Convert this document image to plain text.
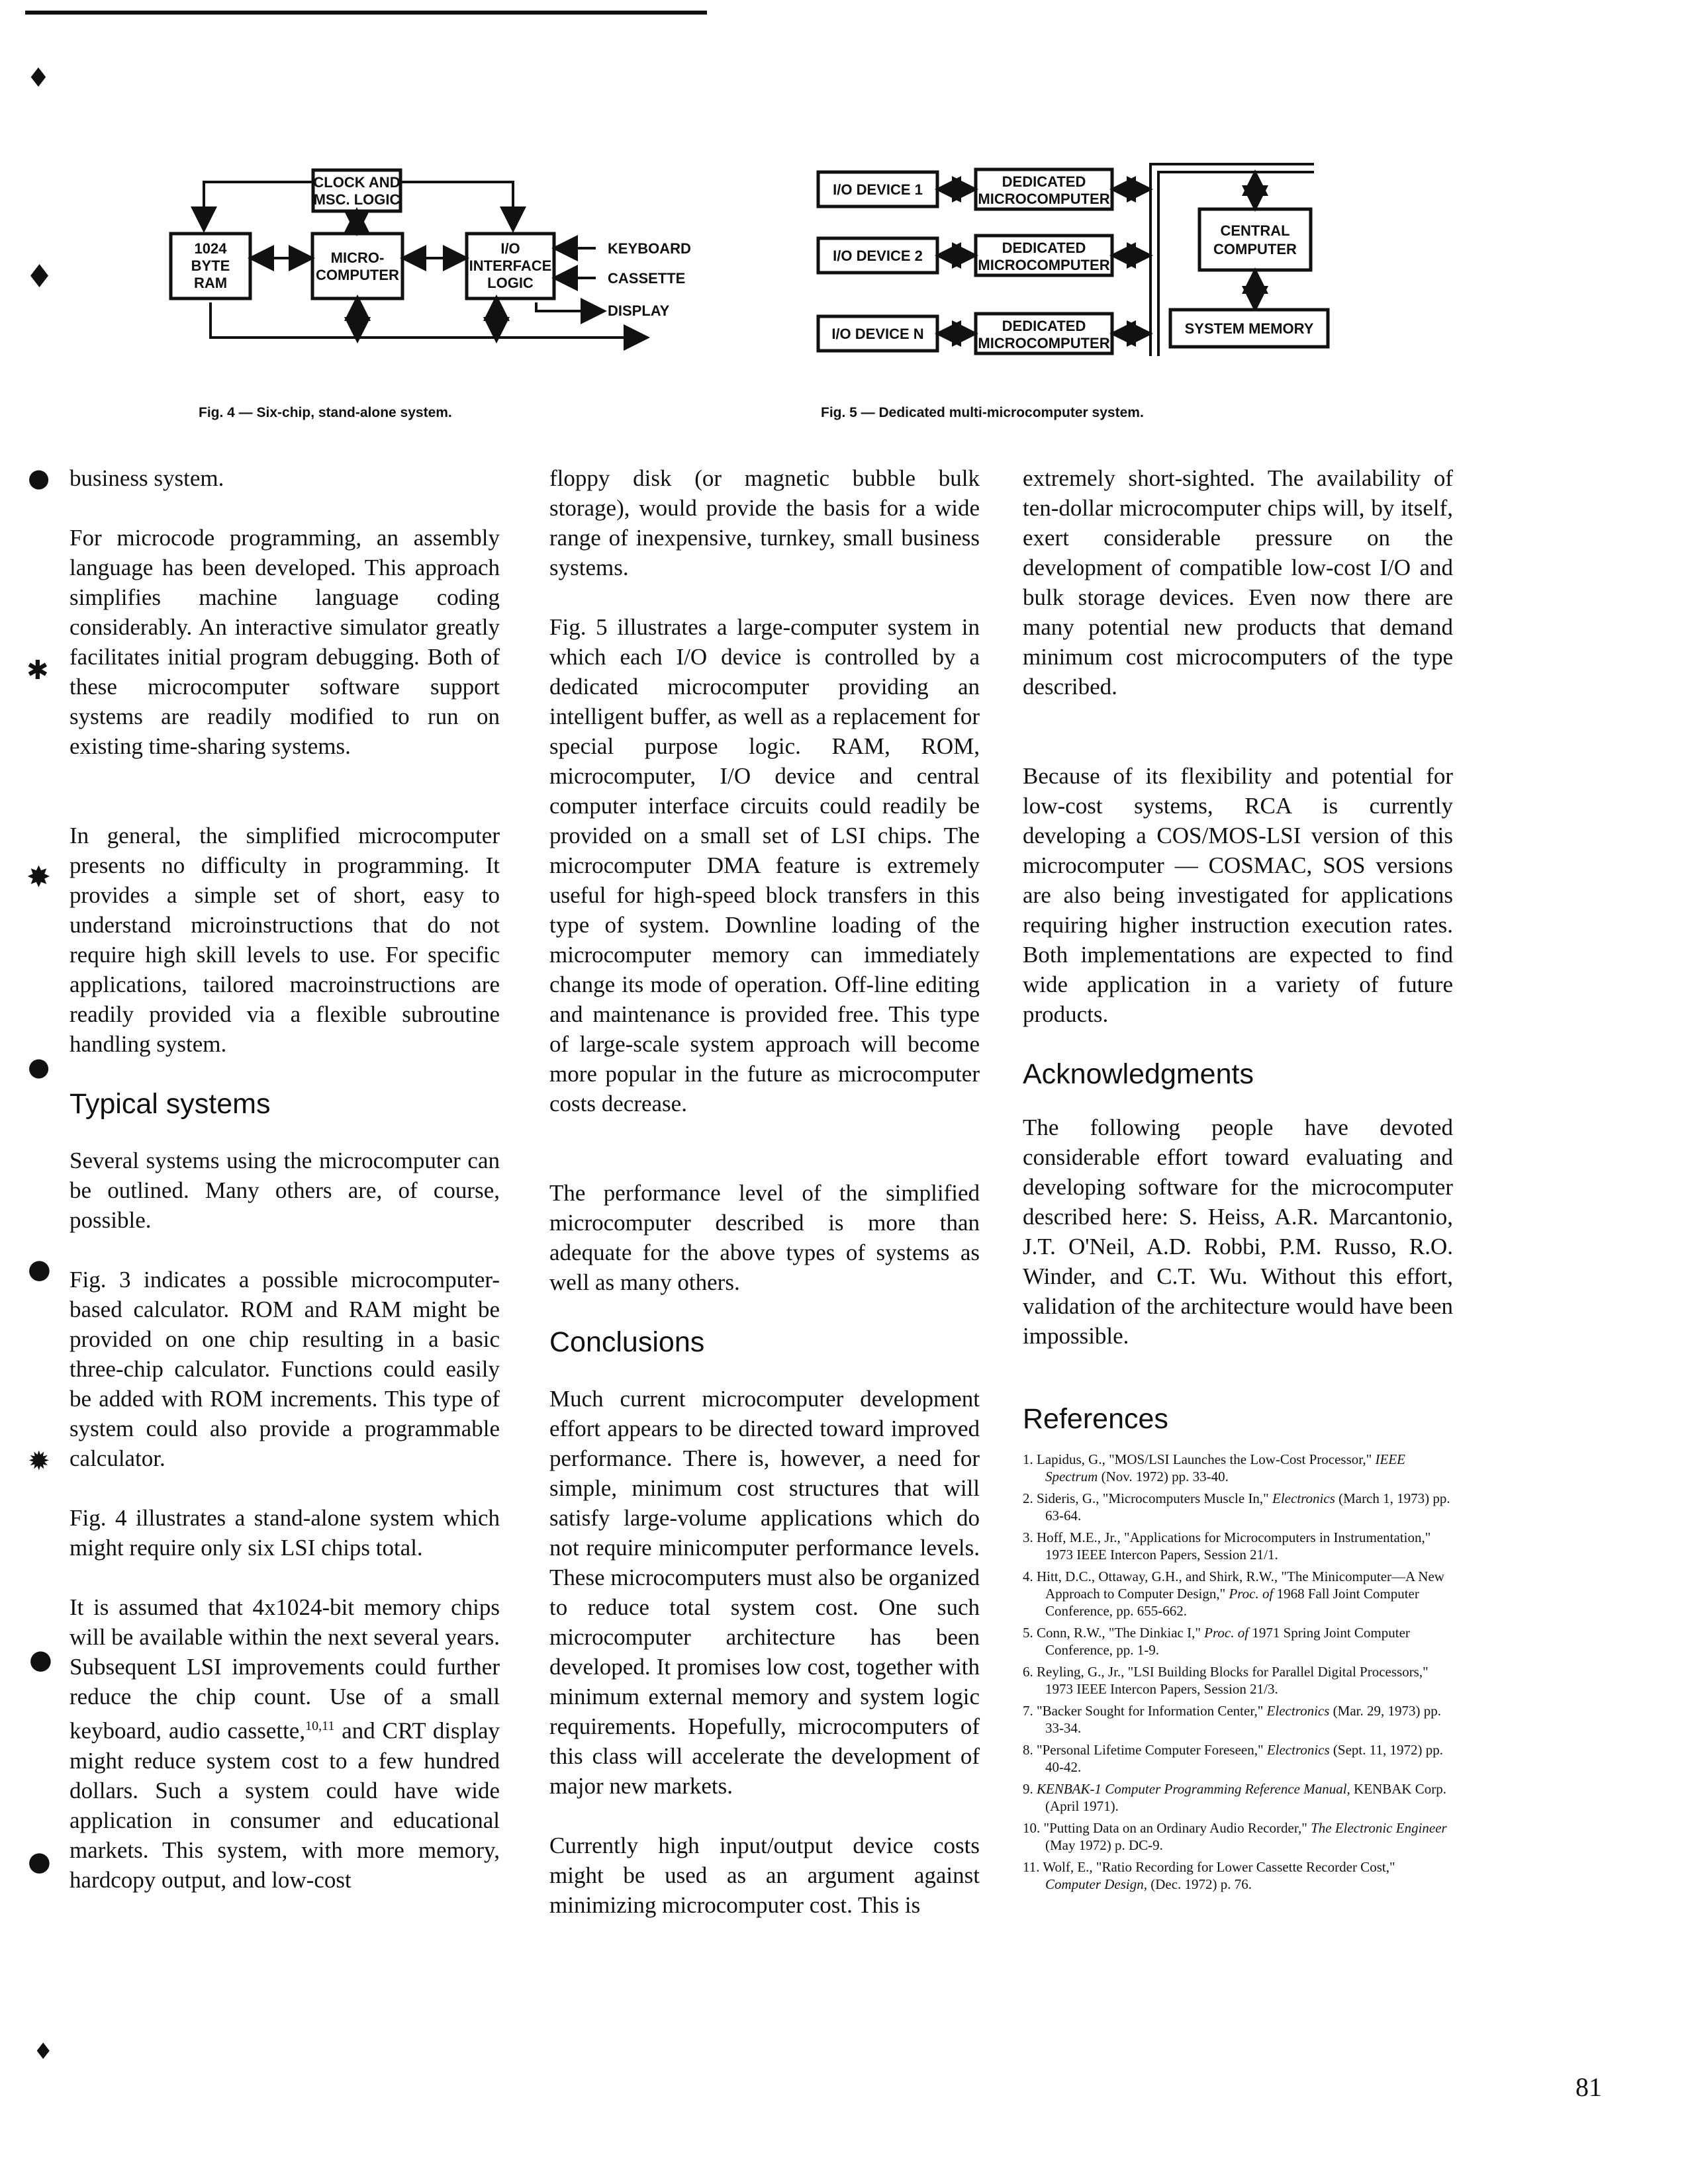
♦
♦
●
✱
✸
●
●
✹
●
●
♦
CLOCK AND
MSC. LOGIC
1024
BYTE
RAM
MICRO-
COMPUTER
I/O
INTERFACE
LOGIC
KEYBOARD
CASSETTE
DISPLAY
Fig. 4 — Six-chip, stand-alone system.
I/O DEVICE 1
I/O DEVICE 2
I/O DEVICE N
DEDICATED
MICROCOMPUTER
DEDICATED
MICROCOMPUTER
DEDICATED
MICROCOMPUTER
CENTRAL
COMPUTER
SYSTEM MEMORY
Fig. 5 — Dedicated multi-microcomputer system.

business system.

For microcode programming, an assembly language has been developed. This approach simplifies machine language coding considerably. An interactive simulator greatly facilitates initial program debugging. Both of these microcomputer software support systems are readily modified to run on existing time-sharing systems.

In general, the simplified microcomputer presents no difficulty in programming. It provides a simple set of short, easy to understand microinstructions that do not require high skill levels to use. For specific applications, tailored macroinstructions are readily provided via a flexible subroutine handling system.

Typical systems

Several systems using the microcomputer can be outlined. Many others are, of course, possible.

Fig. 3 indicates a possible microcomputer-based calculator. ROM and RAM might be provided on one chip resulting in a basic three-chip calculator. Functions could easily be added with ROM increments. This type of system could also provide a programmable calculator.

Fig. 4 illustrates a stand-alone system which might require only six LSI chips total.

It is assumed that 4x1024-bit memory chips will be available within the next several years. Subsequent LSI improvements could further reduce the chip count. Use of a small keyboard, audio cassette,$^{10,11}$ and CRT display might reduce system cost to a few hundred dollars. Such a system could have wide application in consumer and educational markets. This system, with more memory, hardcopy output, and low-cost

floppy disk (or magnetic bubble bulk storage), would provide the basis for a wide range of inexpensive, turnkey, small business systems.

Fig. 5 illustrates a large-computer system in which each I/O device is controlled by a dedicated microcomputer providing an intelligent buffer, as well as a replacement for special purpose logic. RAM, ROM, microcomputer, I/O device and central computer interface circuits could readily be provided on a small set of LSI chips. The microcomputer DMA feature is extremely useful for high-speed block transfers in this type of system. Downline loading of the microcomputer memory can immediately change its mode of operation. Off-line editing and maintenance is provided free. This type of large-scale system approach will become more popular in the future as microcomputer costs decrease.

The performance level of the simplified microcomputer described is more than adequate for the above types of systems as well as many others.

Conclusions

Much current microcomputer development effort appears to be directed toward improved performance. There is, however, a need for simple, minimum cost structures that will satisfy large-volume applications which do not require minicomputer performance levels. These microcomputers must also be organized to reduce total system cost. One such microcomputer architecture has been developed. It promises low cost, together with minimum external memory and system logic requirements. Hopefully, microcomputers of this class will accelerate the development of major new markets.

Currently high input/output device costs might be used as an argument against minimizing microcomputer cost. This is

extremely short-sighted. The availability of ten-dollar microcomputer chips will, by itself, exert considerable pressure on the development of compatible low-cost I/O and bulk storage devices. Even now there are many potential new products that demand minimum cost microcomputers of the type described.

Because of its flexibility and potential for low-cost systems, RCA is currently developing a COS/MOS-LSI version of this microcomputer — COSMAC, SOS versions are also being investigated for applications requiring higher instruction execution rates. Both implementations are expected to find wide application in a variety of future products.

Acknowledgments

The following people have devoted considerable effort toward evaluating and developing software for the microcomputer described here: S. Heiss, A.R. Marcantonio, J.T. O'Neil, A.D. Robbi, P.M. Russo, R.O. Winder, and C.T. Wu. Without this effort, validation of the architecture would have been impossible.

References
1. Lapidus, G., "MOS/LSI Launches the Low-Cost Processor," IEEE Spectrum (Nov. 1972) pp. 33-40.
2. Sideris, G., "Microcomputers Muscle In," Electronics (March 1, 1973) pp. 63-64.
3. Hoff, M.E., Jr., "Applications for Microcomputers in Instrumentation," 1973 IEEE Intercon Papers, Session 21/1.
4. Hitt, D.C., Ottaway, G.H., and Shirk, R.W., "The Minicomputer—A New Approach to Computer Design," Proc. of 1968 Fall Joint Computer Conference, pp. 655-662.
5. Conn, R.W., "The Dinkiac I," Proc. of 1971 Spring Joint Computer Conference, pp. 1-9.
6. Reyling, G., Jr., "LSI Building Blocks for Parallel Digital Processors," 1973 IEEE Intercon Papers, Session 21/3.
7. "Backer Sought for Information Center," Electronics (Mar. 29, 1973) pp. 33-34.
8. "Personal Lifetime Computer Foreseen," Electronics (Sept. 11, 1972) pp. 40-42.
9. KENBAK-1 Computer Programming Reference Manual, KENBAK Corp. (April 1971).
10. "Putting Data on an Ordinary Audio Recorder," The Electronic Engineer (May 1972) p. DC-9.
11. Wolf, E., "Ratio Recording for Lower Cassette Recorder Cost," Computer Design, (Dec. 1972) p. 76.
81
